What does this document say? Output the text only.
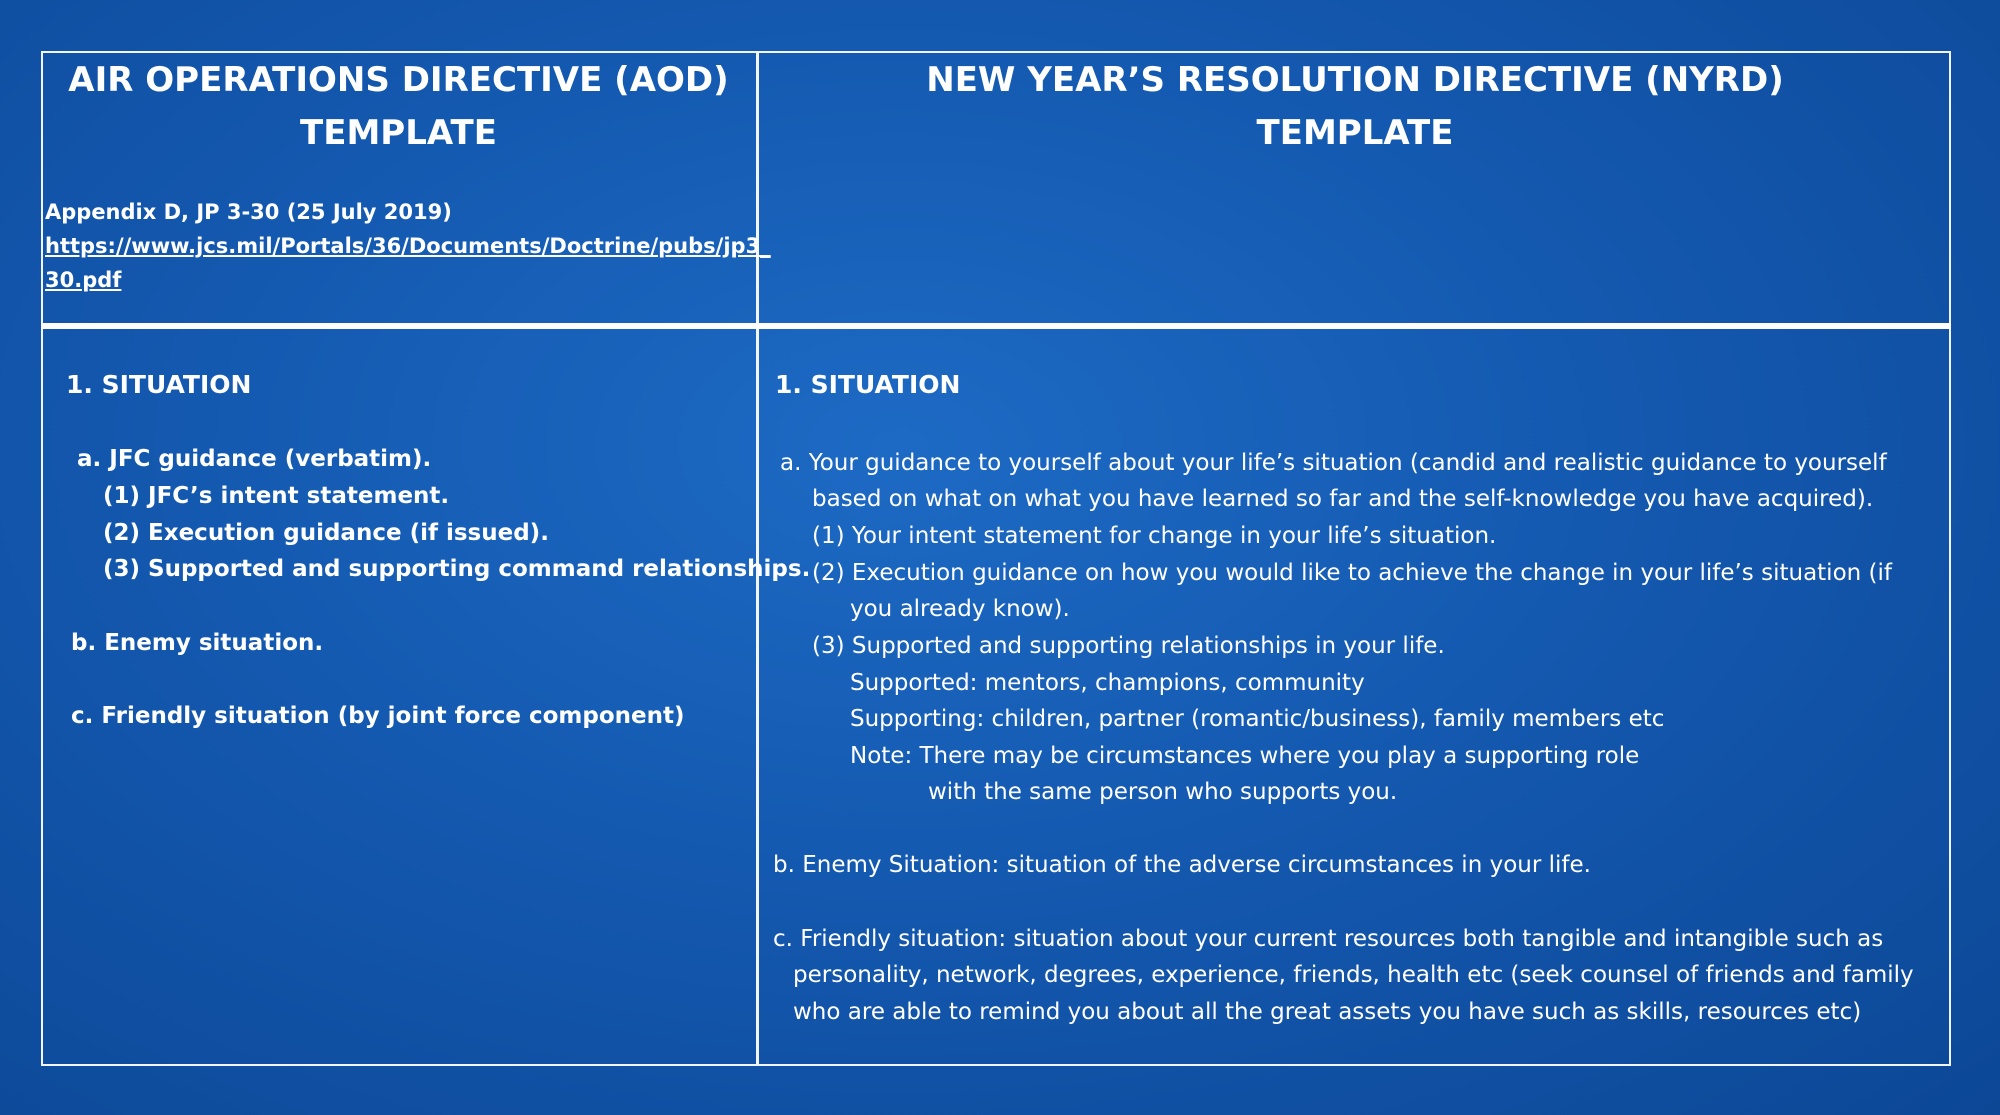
AIR OPERATIONS DIRECTIVE (AOD)
TEMPLATE
Appendix D, JP 3-30 (25 July 2019)
https://www.jcs.mil/Portals/36/Documents/Doctrine/pubs/jp3_
30.pdf
NEW YEAR’S RESOLUTION DIRECTIVE (NYRD)
TEMPLATE
1. SITUATION
a. JFC guidance (verbatim).
(1) JFC’s intent statement.
(2) Execution guidance (if issued).
(3) Supported and supporting command relationships.
b. Enemy situation.
c. Friendly situation (by joint force component)
1. SITUATION
a. Your guidance to yourself about your life’s situation (candid and realistic guidance to yourself
based on what on what you have learned so far and the self-knowledge you have acquired).
(1) Your intent statement for change in your life’s situation.
(2) Execution guidance on how you would like to achieve the change in your life’s situation (if
you already know).
(3) Supported and supporting relationships in your life.
Supported: mentors, champions, community
Supporting: children, partner (romantic/business), family members etc
Note: There may be circumstances where you play a supporting role
with the same person who supports you.
b. Enemy Situation: situation of the adverse circumstances in your life.
c. Friendly situation: situation about your current resources both tangible and intangible such as
personality, network, degrees, experience, friends, health etc (seek counsel of friends and family
who are able to remind you about all the great assets you have such as skills, resources etc)
